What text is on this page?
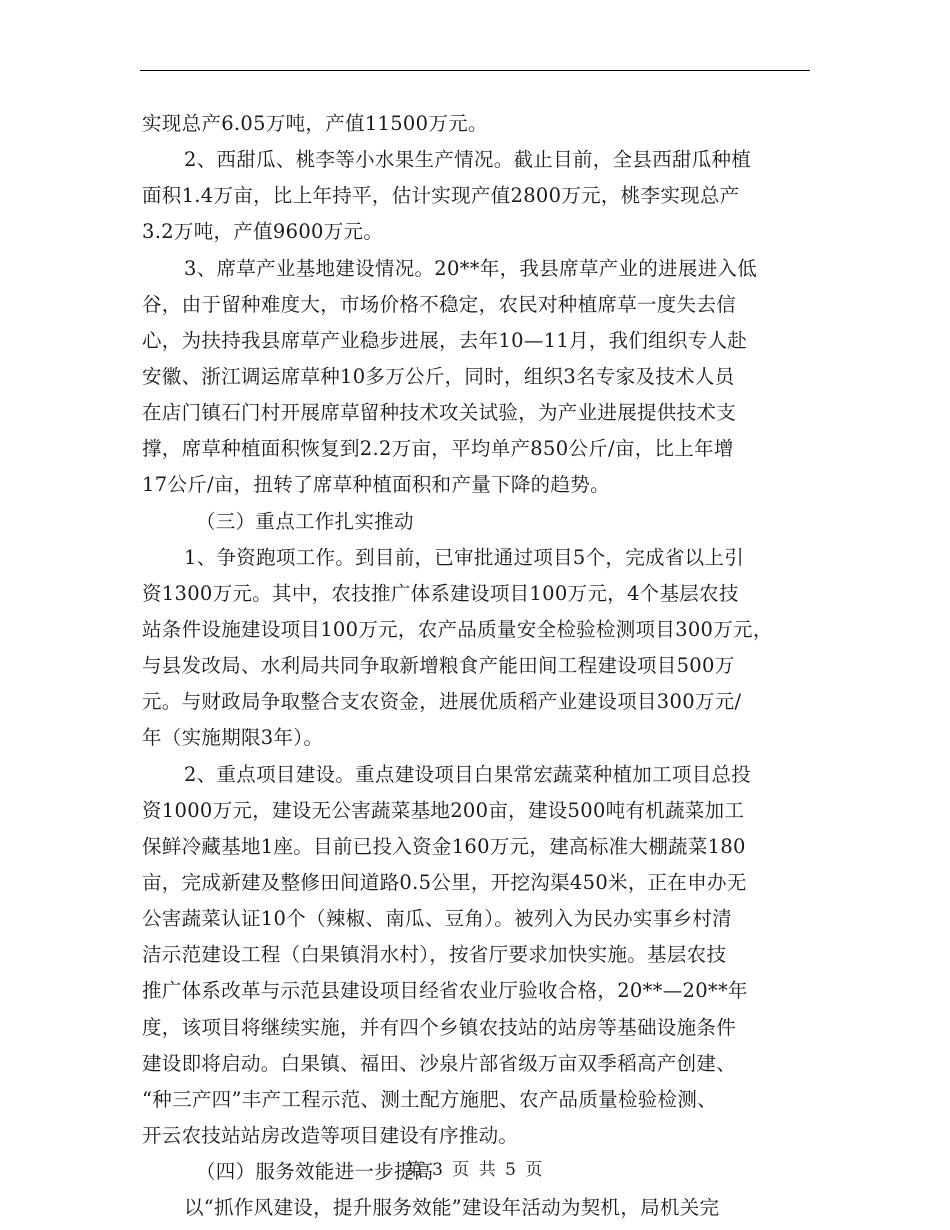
实现总产6.05万吨，产值11500万元。
2、西甜瓜、桃李等小水果生产情况。截止目前，全县西甜瓜种植
面积1.4万亩，比上年持平，估计实现产值2800万元，桃李实现总产
3.2万吨，产值9600万元。
3、席草产业基地建设情况。20**年，我县席草产业的进展进入低
谷，由于留种难度大，市场价格不稳定，农民对种植席草一度失去信
心，为扶持我县席草产业稳步进展，去年10—11月，我们组织专人赴
安徽、浙江调运席草种10多万公斤，同时，组织3名专家及技术人员
在店门镇石门村开展席草留种技术攻关试验，为产业进展提供技术支
撑，席草种植面积恢复到2.2万亩，平均单产850公斤/亩，比上年增
17公斤/亩，扭转了席草种植面积和产量下降的趋势。
（三）重点工作扎实推动
1、争资跑项工作。到目前，已审批通过项目5个，完成省以上引
资1300万元。其中，农技推广体系建设项目100万元，4个基层农技
站条件设施建设项目100万元，农产品质量安全检验检测项目300万元，
与县发改局、水利局共同争取新增粮食产能田间工程建设项目500万
元。与财政局争取整合支农资金，进展优质稻产业建设项目300万元/
年（实施期限3年）。
2、重点项目建设。重点建设项目白果常宏蔬菜种植加工项目总投
资1000万元，建设无公害蔬菜基地200亩，建设500吨有机蔬菜加工
保鲜冷藏基地1座。目前已投入资金160万元，建高标准大棚蔬菜180
亩，完成新建及整修田间道路0.5公里，开挖沟渠450米，正在申办无
公害蔬菜认证10个（辣椒、南瓜、豆角）。被列入为民办实事乡村清
洁示范建设工程（白果镇涓水村），按省厅要求加快实施。基层农技
推广体系改革与示范县建设项目经省农业厅验收合格，20**—20**年
度，该项目将继续实施，并有四个乡镇农技站的站房等基础设施条件
建设即将启动。白果镇、福田、沙泉片部省级万亩双季稻高产创建、
“种三产四”丰产工程示范、测土配方施肥、农产品质量检验检测、
开云农技站站房改造等项目建设有序推动。
（四）服务效能进一步提高
以“抓作风建设，提升服务效能”建设年活动为契机，局机关完
第 3 页 共 5 页
